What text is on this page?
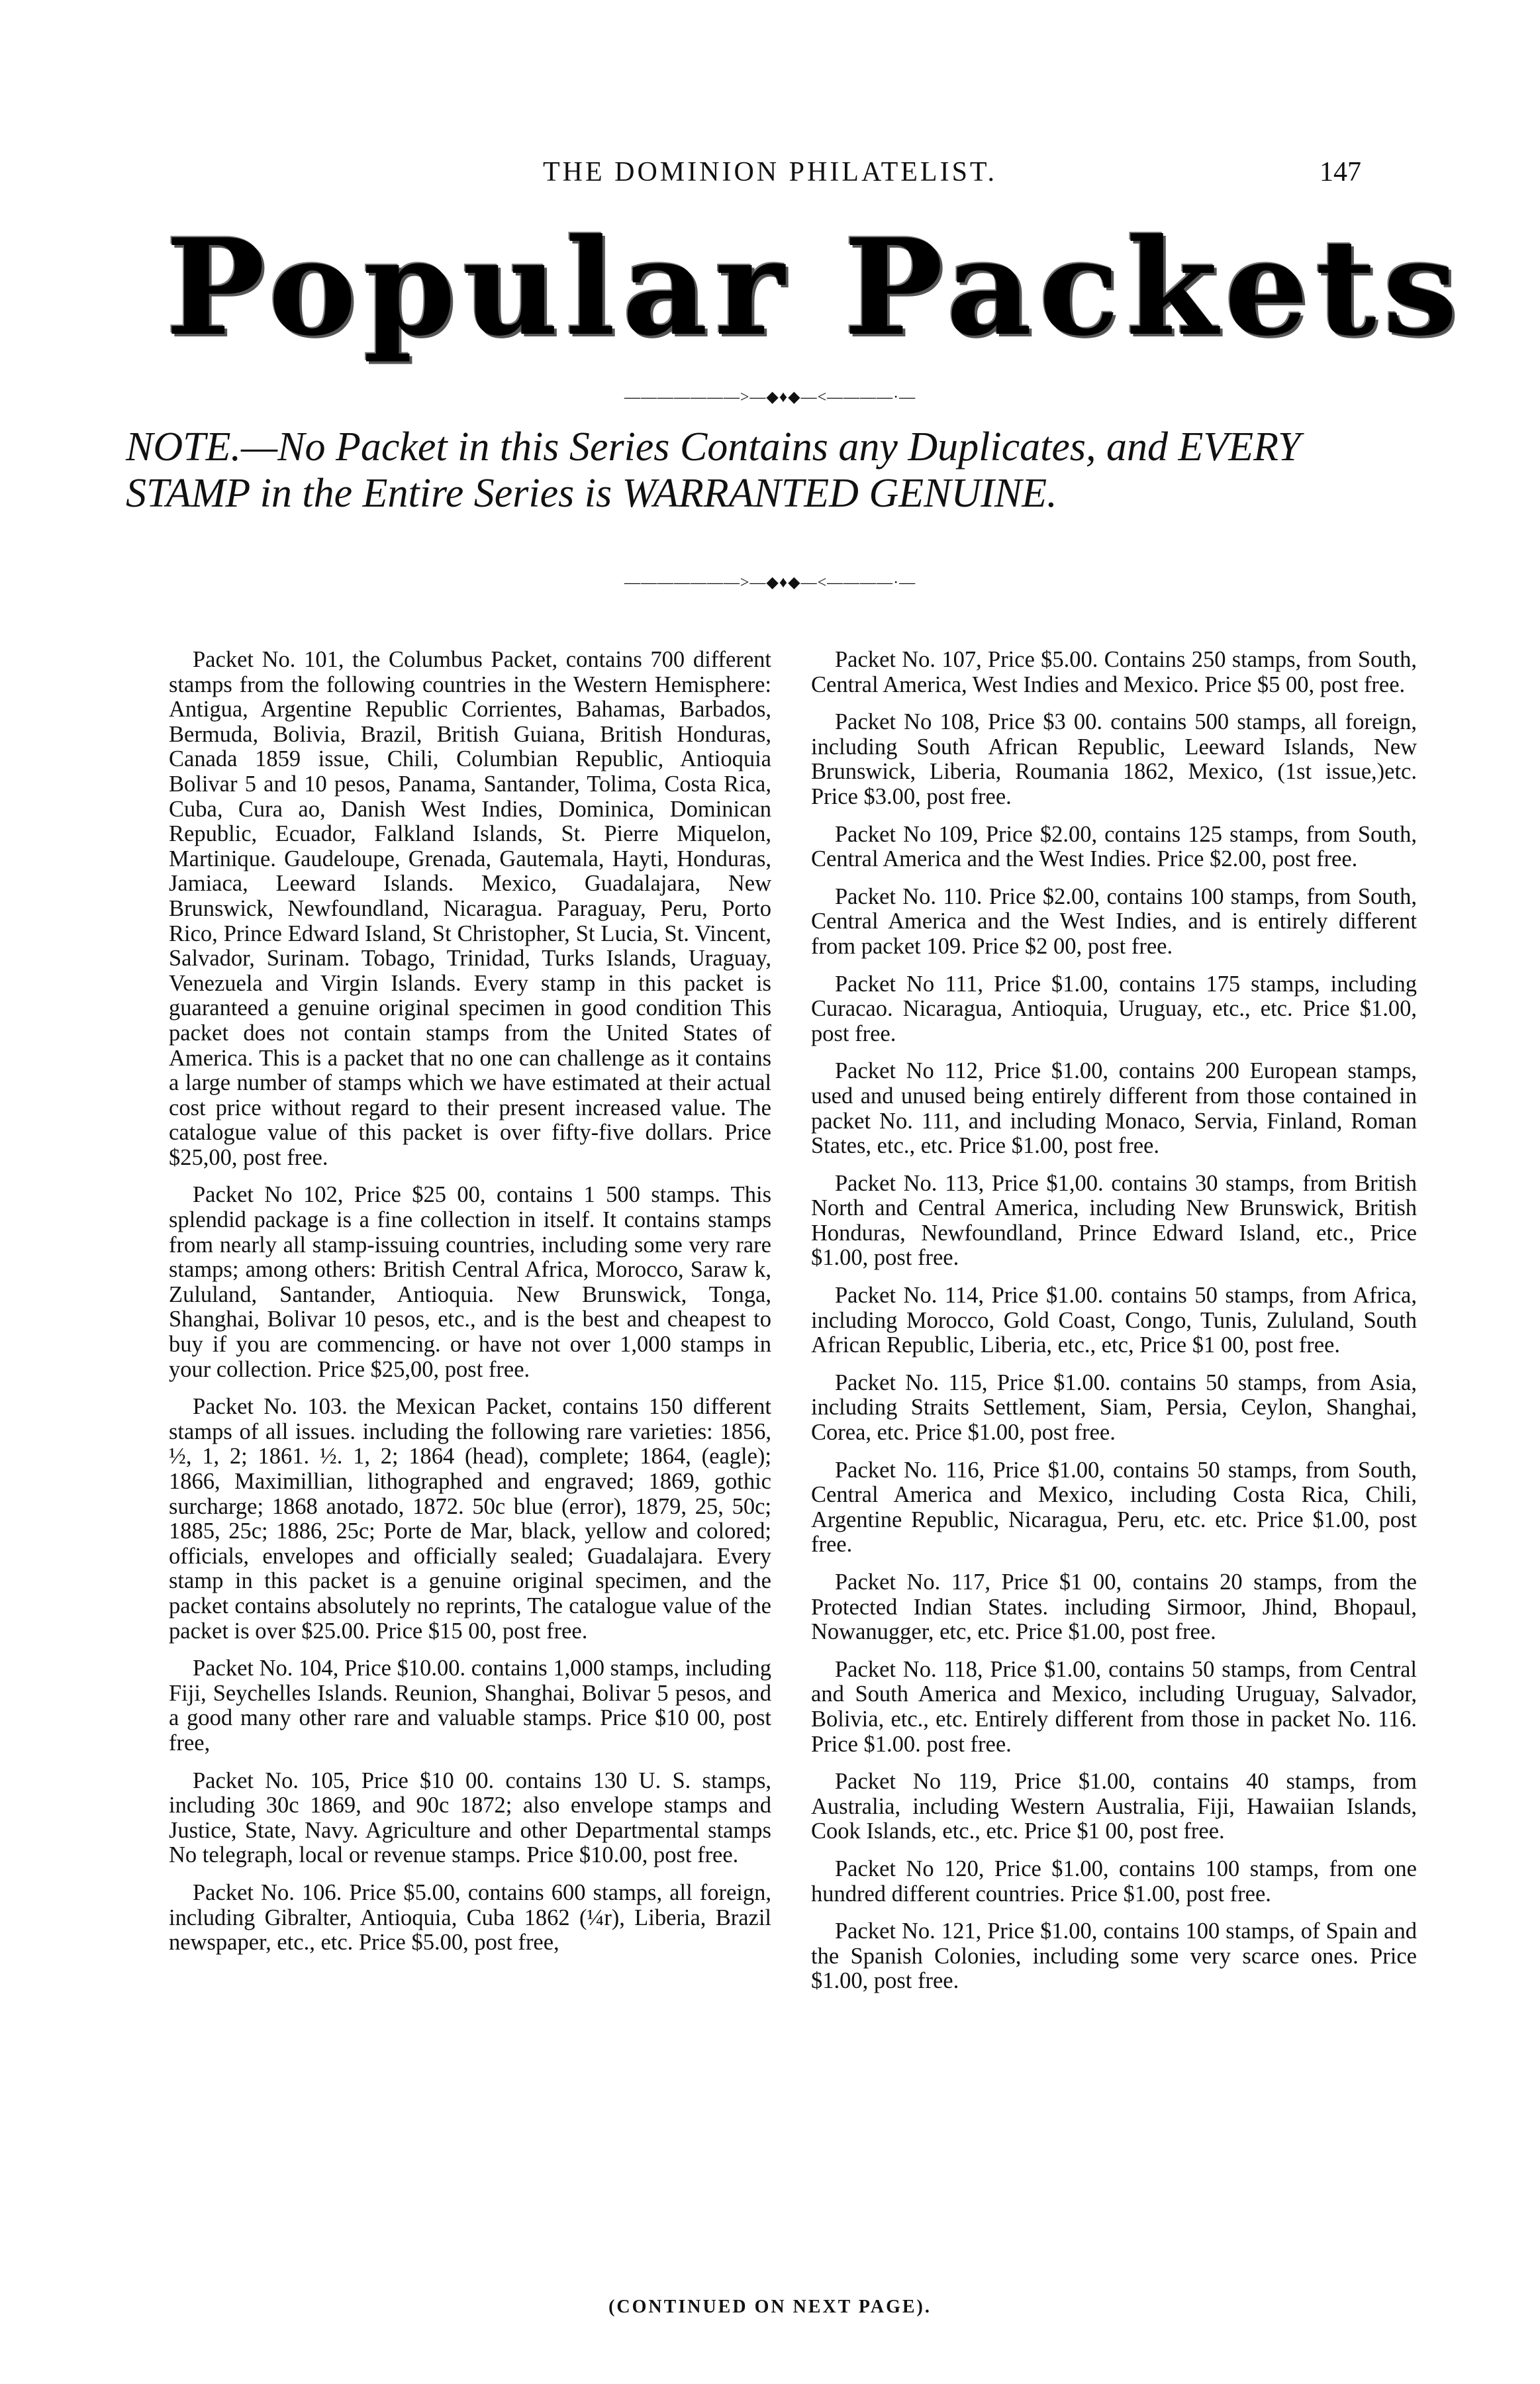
THE DOMINION PHILATELIST.	147
Popular Packets
———————>—◆♦◆—<————·—
NOTE.—No Packet in this Series Contains any Duplicates, and EVERY STAMP in the Entire Series is WARRANTED GENUINE.
———————>—◆♦◆—<————·—

Packet No. 101, the Columbus Packet, contains 700 different stamps from the following countries in the Western Hemisphere: Antigua, Argentine Republic Corrientes, Bahamas, Barbados, Bermuda, Bolivia, Brazil, British Guiana, British Honduras, Canada 1859 issue, Chili, Columbian Republic, Antioquia Bolivar 5 and 10 pesos, Panama, Santander, Tolima, Costa Rica, Cuba, Cura ao, Danish West Indies, Dominica, Dominican Republic, Ecuador, Falkland Islands, St. Pierre Miquelon, Martinique. Gaudeloupe, Grenada, Gautemala, Hayti, Honduras, Jamiaca, Leeward Islands. Mexico, Guadalajara, New Brunswick, Newfoundland, Nicaragua. Paraguay, Peru, Porto Rico, Prince Edward Island, St Christopher, St Lucia, St. Vincent, Salvador, Surinam. Tobago, Trinidad, Turks Islands, Uraguay, Venezuela and Virgin Islands. Every stamp in this packet is guaranteed a genuine original specimen in good condition This packet does not contain stamps from the United States of America. This is a packet that no one can challenge as it contains a large number of stamps which we have estimated at their actual cost price without regard to their present increased value. The catalogue value of this packet is over fifty-five dollars. Price $25,00, post free.

Packet No 102, Price $25 00, contains 1 500 stamps. This splendid package is a fine collection in itself. It contains stamps from nearly all stamp-issuing countries, including some very rare stamps; among others: British Central Africa, Morocco, Saraw k, Zululand, Santander, Antioquia. New Brunswick, Tonga, Shanghai, Bolivar 10 pesos, etc., and is the best and cheapest to buy if you are commencing. or have not over 1,000 stamps in your collection. Price $25,00, post free.

Packet No. 103. the Mexican Packet, contains 150 different stamps of all issues. including the following rare varieties: 1856, ½, 1, 2; 1861. ½. 1, 2; 1864 (head), complete; 1864, (eagle); 1866, Maximillian, lithographed and engraved; 1869, gothic surcharge; 1868 anotado, 1872. 50c blue (error), 1879, 25, 50c; 1885, 25c; 1886, 25c; Porte de Mar, black, yellow and colored; officials, envelopes and officially sealed; Guadalajara. Every stamp in this packet is a genuine original specimen, and the packet contains absolutely no reprints, The catalogue value of the packet is over $25.00. Price $15 00, post free.

Packet No. 104, Price $10.00. contains 1,000 stamps, including Fiji, Seychelles Islands. Reunion, Shanghai, Bolivar 5 pesos, and a good many other rare and valuable stamps. Price $10 00, post free,

Packet No. 105, Price $10 00. contains 130 U. S. stamps, including 30c 1869, and 90c 1872; also envelope stamps and Justice, State, Navy. Agriculture and other Departmental stamps No telegraph, local or revenue stamps. Price $10.00, post free.

Packet No. 106. Price $5.00, contains 600 stamps, all foreign, including Gibralter, Antioquia, Cuba 1862 (¼r), Liberia, Brazil newspaper, etc., etc. Price $5.00, post free,

Packet No. 107, Price $5.00. Contains 250 stamps, from South, Central America, West Indies and Mexico. Price $5 00, post free.

Packet No 108, Price $3 00. contains 500 stamps, all foreign, including South African Republic, Leeward Islands, New Brunswick, Liberia, Roumania 1862, Mexico, (1st issue,)etc. Price $3.00, post free.

Packet No 109, Price $2.00, contains 125 stamps, from South, Central America and the West Indies. Price $2.00, post free.

Packet No. 110. Price $2.00, contains 100 stamps, from South, Central America and the West Indies, and is entirely different from packet 109. Price $2 00, post free.

Packet No 111, Price $1.00, contains 175 stamps, including Curacao. Nicaragua, Antioquia, Uruguay, etc., etc. Price $1.00, post free.

Packet No 112, Price $1.00, contains 200 European stamps, used and unused being entirely different from those contained in packet No. 111, and including Monaco, Servia, Finland, Roman States, etc., etc. Price $1.00, post free.

Packet No. 113, Price $1,00. contains 30 stamps, from British North and Central America, including New Brunswick, British Honduras, Newfoundland, Prince Edward Island, etc., Price $1.00, post free.

Packet No. 114, Price $1.00. contains 50 stamps, from Africa, including Morocco, Gold Coast, Congo, Tunis, Zululand, South African Republic, Liberia, etc., etc, Price $1 00, post free.

Packet No. 115, Price $1.00. contains 50 stamps, from Asia, including Straits Settlement, Siam, Persia, Ceylon, Shanghai, Corea, etc. Price $1.00, post free.

Packet No. 116, Price $1.00, contains 50 stamps, from South, Central America and Mexico, including Costa Rica, Chili, Argentine Republic, Nicaragua, Peru, etc. etc. Price $1.00, post free.

Packet No. 117, Price $1 00, contains 20 stamps, from the Protected Indian States. including Sirmoor, Jhind, Bhopaul, Nowanugger, etc, etc. Price $1.00, post free.

Packet No. 118, Price $1.00, contains 50 stamps, from Central and South America and Mexico, including Uruguay, Salvador, Bolivia, etc., etc. Entirely different from those in packet No. 116. Price $1.00. post free.

Packet No 119, Price $1.00, contains 40 stamps, from Australia, including Western Australia, Fiji, Hawaiian Islands, Cook Islands, etc., etc. Price $1 00, post free.

Packet No 120, Price $1.00, contains 100 stamps, from one hundred different countries. Price $1.00, post free.

Packet No. 121, Price $1.00, contains 100 stamps, of Spain and the Spanish Colonies, including some very scarce ones. Price $1.00, post free.

(CONTINUED ON NEXT PAGE).
